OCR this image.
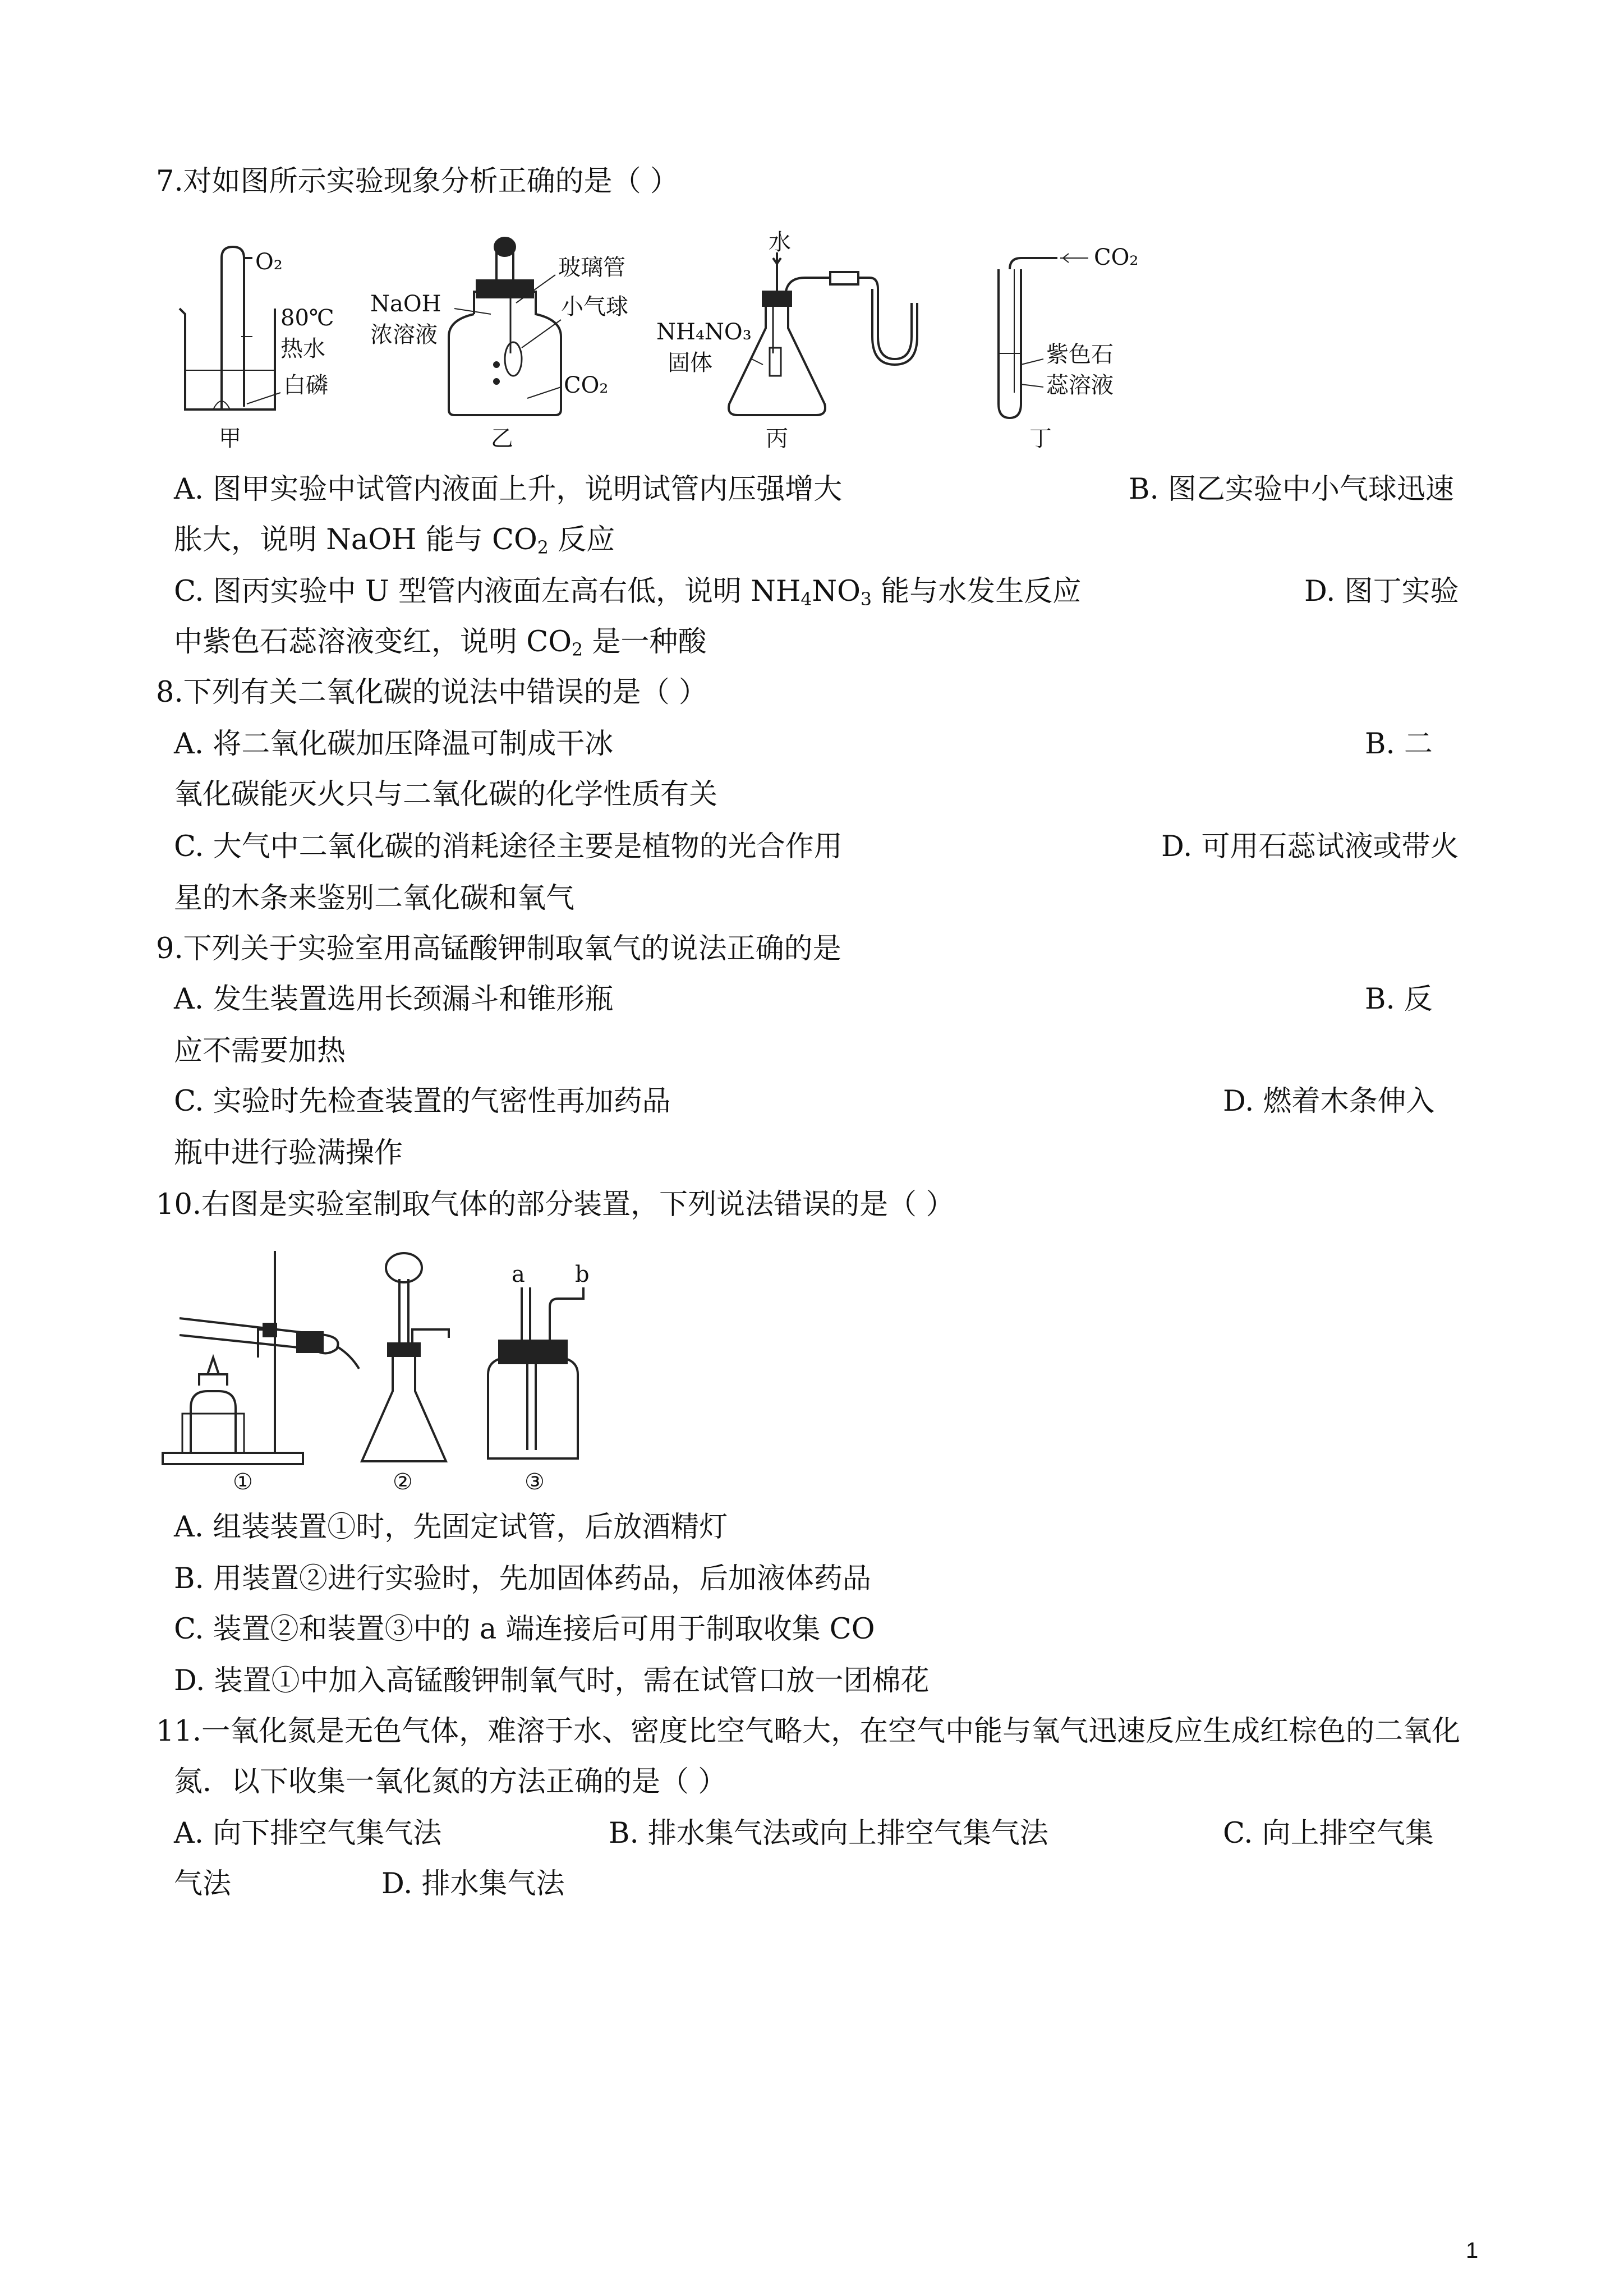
7.对如图所示实验现象分析正确的是（ ）
O₂
80℃
热水
白磷
甲
NaOH
浓溶液
玻璃管
小气球
CO₂
乙
水
NH₄NO₃
固体
丙
CO₂
紫色石
蕊溶液
丁
A. 图甲实验中试管内液面上升，说明试管内压强增大	B. 图乙实验中小气球迅速
胀大，说明 NaOH 能与 $CO_2$ 反应
C. 图丙实验中 U 型管内液面左高右低，说明 $NH_4NO_3$ 能与水发生反应	D. 图丁实验
中紫色石蕊溶液变红，说明 $CO_2$ 是一种酸
8.下列有关二氧化碳的说法中错误的是（ ）
A. 将二氧化碳加压降温可制成干冰	B. 二
氧化碳能灭火只与二氧化碳的化学性质有关
C. 大气中二氧化碳的消耗途径主要是植物的光合作用	D. 可用石蕊试液或带火
星的木条来鉴别二氧化碳和氧气
9.下列关于实验室用高锰酸钾制取氧气的说法正确的是
A. 发生装置选用长颈漏斗和锥形瓶	B. 反
应不需要加热
C. 实验时先检查装置的气密性再加药品	D. 燃着木条伸入
瓶中进行验满操作
10.右图是实验室制取气体的部分装置，下列说法错误的是（ ）
①	②	③
a b
A. 组装装置①时，先固定试管，后放酒精灯
B. 用装置②进行实验时，先加固体药品，后加液体药品
C. 装置②和装置③中的 a 端连接后可用于制取收集 CO
D. 装置①中加入高锰酸钾制氧气时，需在试管口放一团棉花
11.一氧化氮是无色气体，难溶于水、密度比空气略大，在空气中能与氧气迅速反应生成红棕色的二氧化
氮．以下收集一氧化氮的方法正确的是（ ）
A. 向下排空气集气法	B. 排水集气法或向上排空气集气法	C. 向上排空气集
气法	D. 排水集气法
1
